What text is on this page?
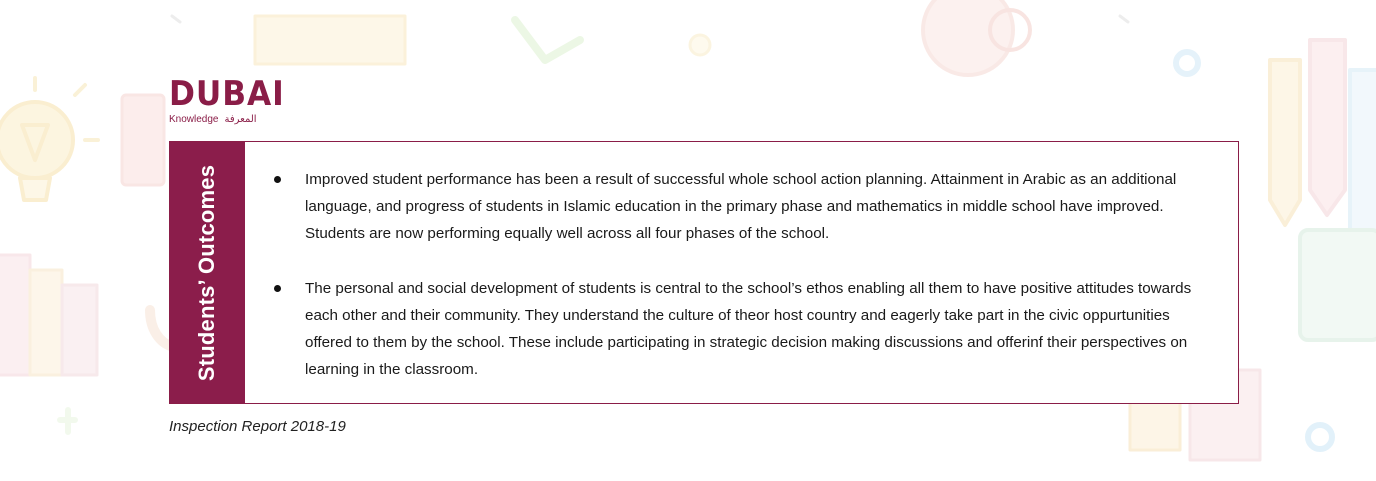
DUBAI
Knowledge المعرفة
Students’ Outcomes	Improved student performance has been a result of successful whole school action planning. Attainment in Arabic as an additional language, and progress of students in Islamic education in the primary phase and mathematics in middle school have improved. Students are now performing equally well across all four phases of the school.
The personal and social development of students is central to the school’s ethos enabling all them to have positive attitudes towards each other and their community. They understand the culture of theor host country and eagerly take part in the civic oppurtunities offered to them by the school. These include participating in strategic decision making discussions and offerinf their perspectives on learning in the classroom.
Inspection Report 2018-19
